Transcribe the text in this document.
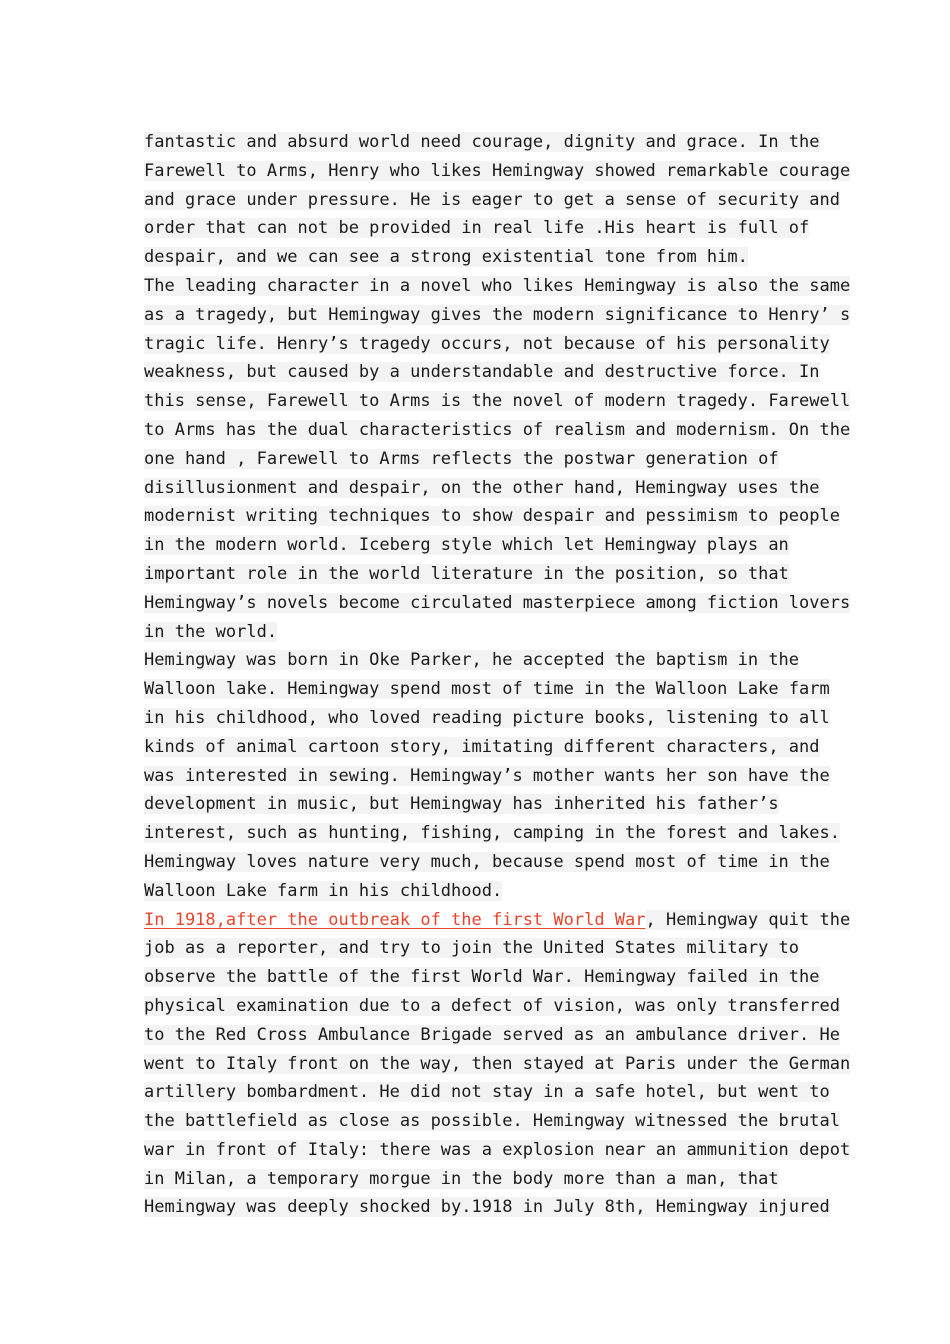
fantastic and absurd world need courage, dignity and grace. In the
Farewell to Arms, Henry who likes Hemingway showed remarkable courage
and grace under pressure. He is eager to get a sense of security and
order that can not be provided in real life .His heart is full of
despair, and we can see a strong existential tone from him.
The leading character in a novel who likes Hemingway is also the same
as a tragedy, but Hemingway gives the modern significance to Henry’ s
tragic life. Henry’s tragedy occurs, not because of his personality
weakness, but caused by a understandable and destructive force. In
this sense, Farewell to Arms is the novel of modern tragedy. Farewell
to Arms has the dual characteristics of realism and modernism. On the
one hand , Farewell to Arms reflects the postwar generation of
disillusionment and despair, on the other hand, Hemingway uses the
modernist writing techniques to show despair and pessimism to people
in the modern world. Iceberg style which let Hemingway plays an
important role in the world literature in the position, so that
Hemingway’s novels become circulated masterpiece among fiction lovers
in the world.
Hemingway was born in Oke Parker, he accepted the baptism in the
Walloon lake. Hemingway spend most of time in the Walloon Lake farm
in his childhood, who loved reading picture books, listening to all
kinds of animal cartoon story, imitating different characters, and
was interested in sewing. Hemingway’s mother wants her son have the
development in music, but Hemingway has inherited his father’s
interest, such as hunting, fishing, camping in the forest and lakes.
Hemingway loves nature very much, because spend most of time in the
Walloon Lake farm in his childhood.
In 1918,after the outbreak of the first World War, Hemingway quit the
job as a reporter, and try to join the United States military to
observe the battle of the first World War. Hemingway failed in the
physical examination due to a defect of vision, was only transferred
to the Red Cross Ambulance Brigade served as an ambulance driver. He
went to Italy front on the way, then stayed at Paris under the German
artillery bombardment. He did not stay in a safe hotel, but went to
the battlefield as close as possible. Hemingway witnessed the brutal
war in front of Italy: there was a explosion near an ammunition depot
in Milan, a temporary morgue in the body more than a man, that
Hemingway was deeply shocked by.1918 in July 8th, Hemingway injured
